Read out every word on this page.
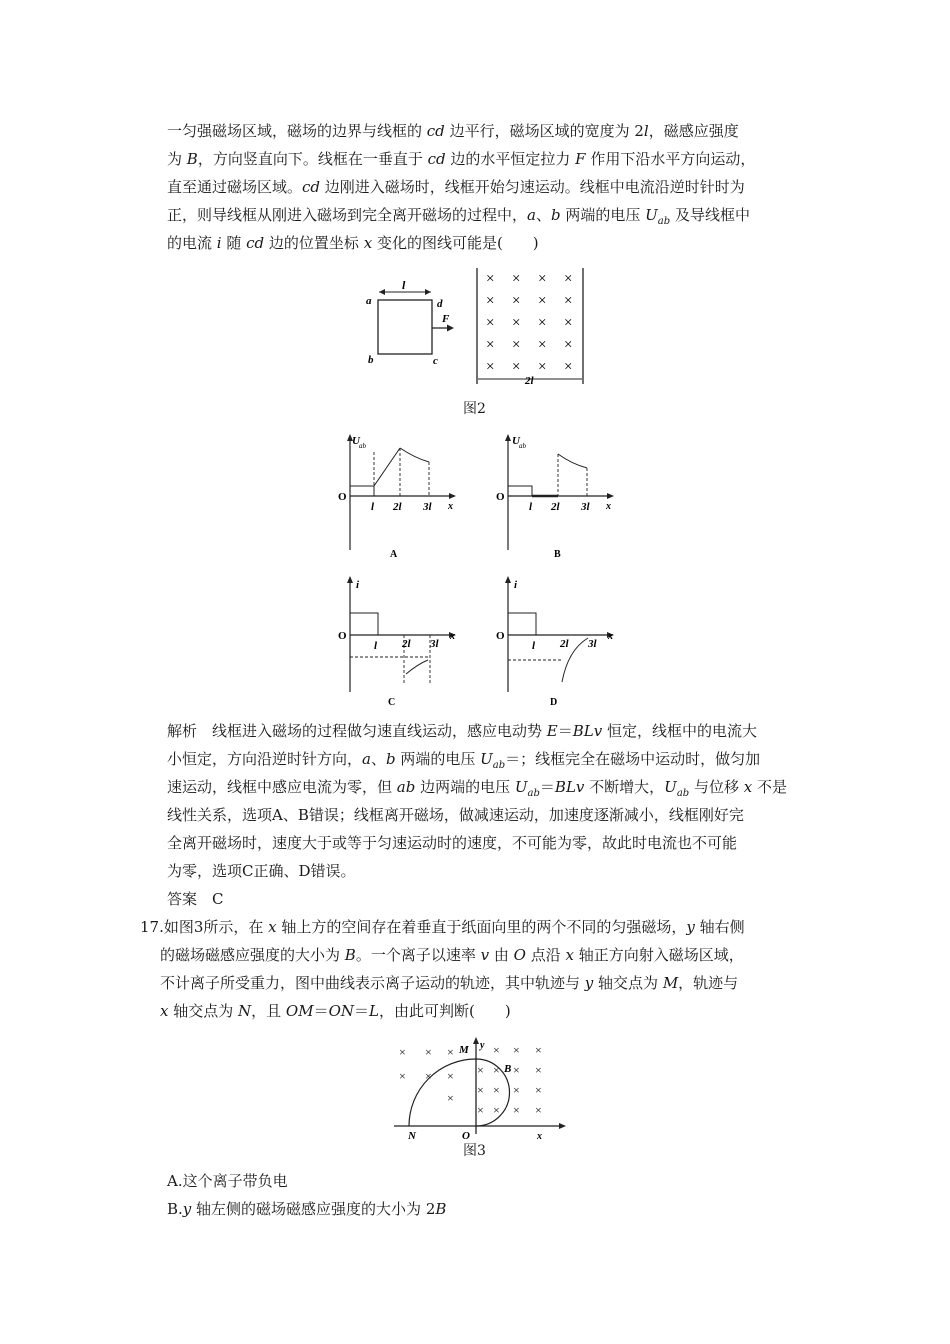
一匀强磁场区域，磁场的边界与线框的 cd 边平行，磁场区域的宽度为 2l，磁感应强度
为 B，方向竖直向下。线框在一垂直于 cd 边的水平恒定拉力 F 作用下沿水平方向运动，
直至通过磁场区域。cd 边刚进入磁场时，线框开始匀速运动。线框中电流沿逆时针时为
正，则导线框从刚进入磁场到完全离开磁场的过程中，a、b 两端的电压 $U_{ab}$ 及导线框中
的电流 i 随 cd 边的位置坐标 x 变化的图线可能是(　　)
l
a	d
b	c
F
× × × ×
× × × ×
× × × ×
× × × ×
× × × ×
2l
图2
U ab
O
x
l 2l 3l
A
U ab
O
x
l 2l 3l
B
i
O	x
l 2l 3l
C
i
O	x
l 2l 3l
D
解析　线框进入磁场的过程做匀速直线运动，感应电动势 E＝BLv 恒定，线框中的电流大
小恒定，方向沿逆时针方向，a、b 两端的电压 $U_{ab}=$；线框完全在磁场中运动时，做匀加
速运动，线框中感应电流为零，但 ab 边两端的电压 $U_{ab}=BLv$ 不断增大，$U_{ab}$ 与位移 x 不是
线性关系，选项A、B错误；线框离开磁场，做减速运动，加速度逐渐减小，线框刚好完
全离开磁场时，速度大于或等于匀速运动时的速度，不可能为零，故此时电流也不可能
为零，选项C正确、D错误。
答案　C
17.如图3所示，在 x 轴上方的空间存在着垂直于纸面向里的两个不同的匀强磁场，y 轴右侧
的磁场磁感应强度的大小为 B。一个离子以速率 v 由 O 点沿 x 轴正方向射入磁场区域，
不计离子所受重力，图中曲线表示离子运动的轨迹，其中轨迹与 y 轴交点为 M，轨迹与
x 轴交点为 N，且 OM＝ON＝L，由此可判断(　　)
× × ×
× × ×
×
×
×
×
×
×
×
×
×
×
×
×
×
×
×
×
M y
B
N	O	x
图3
A.这个离子带负电
B.y 轴左侧的磁场磁感应强度的大小为 2B
